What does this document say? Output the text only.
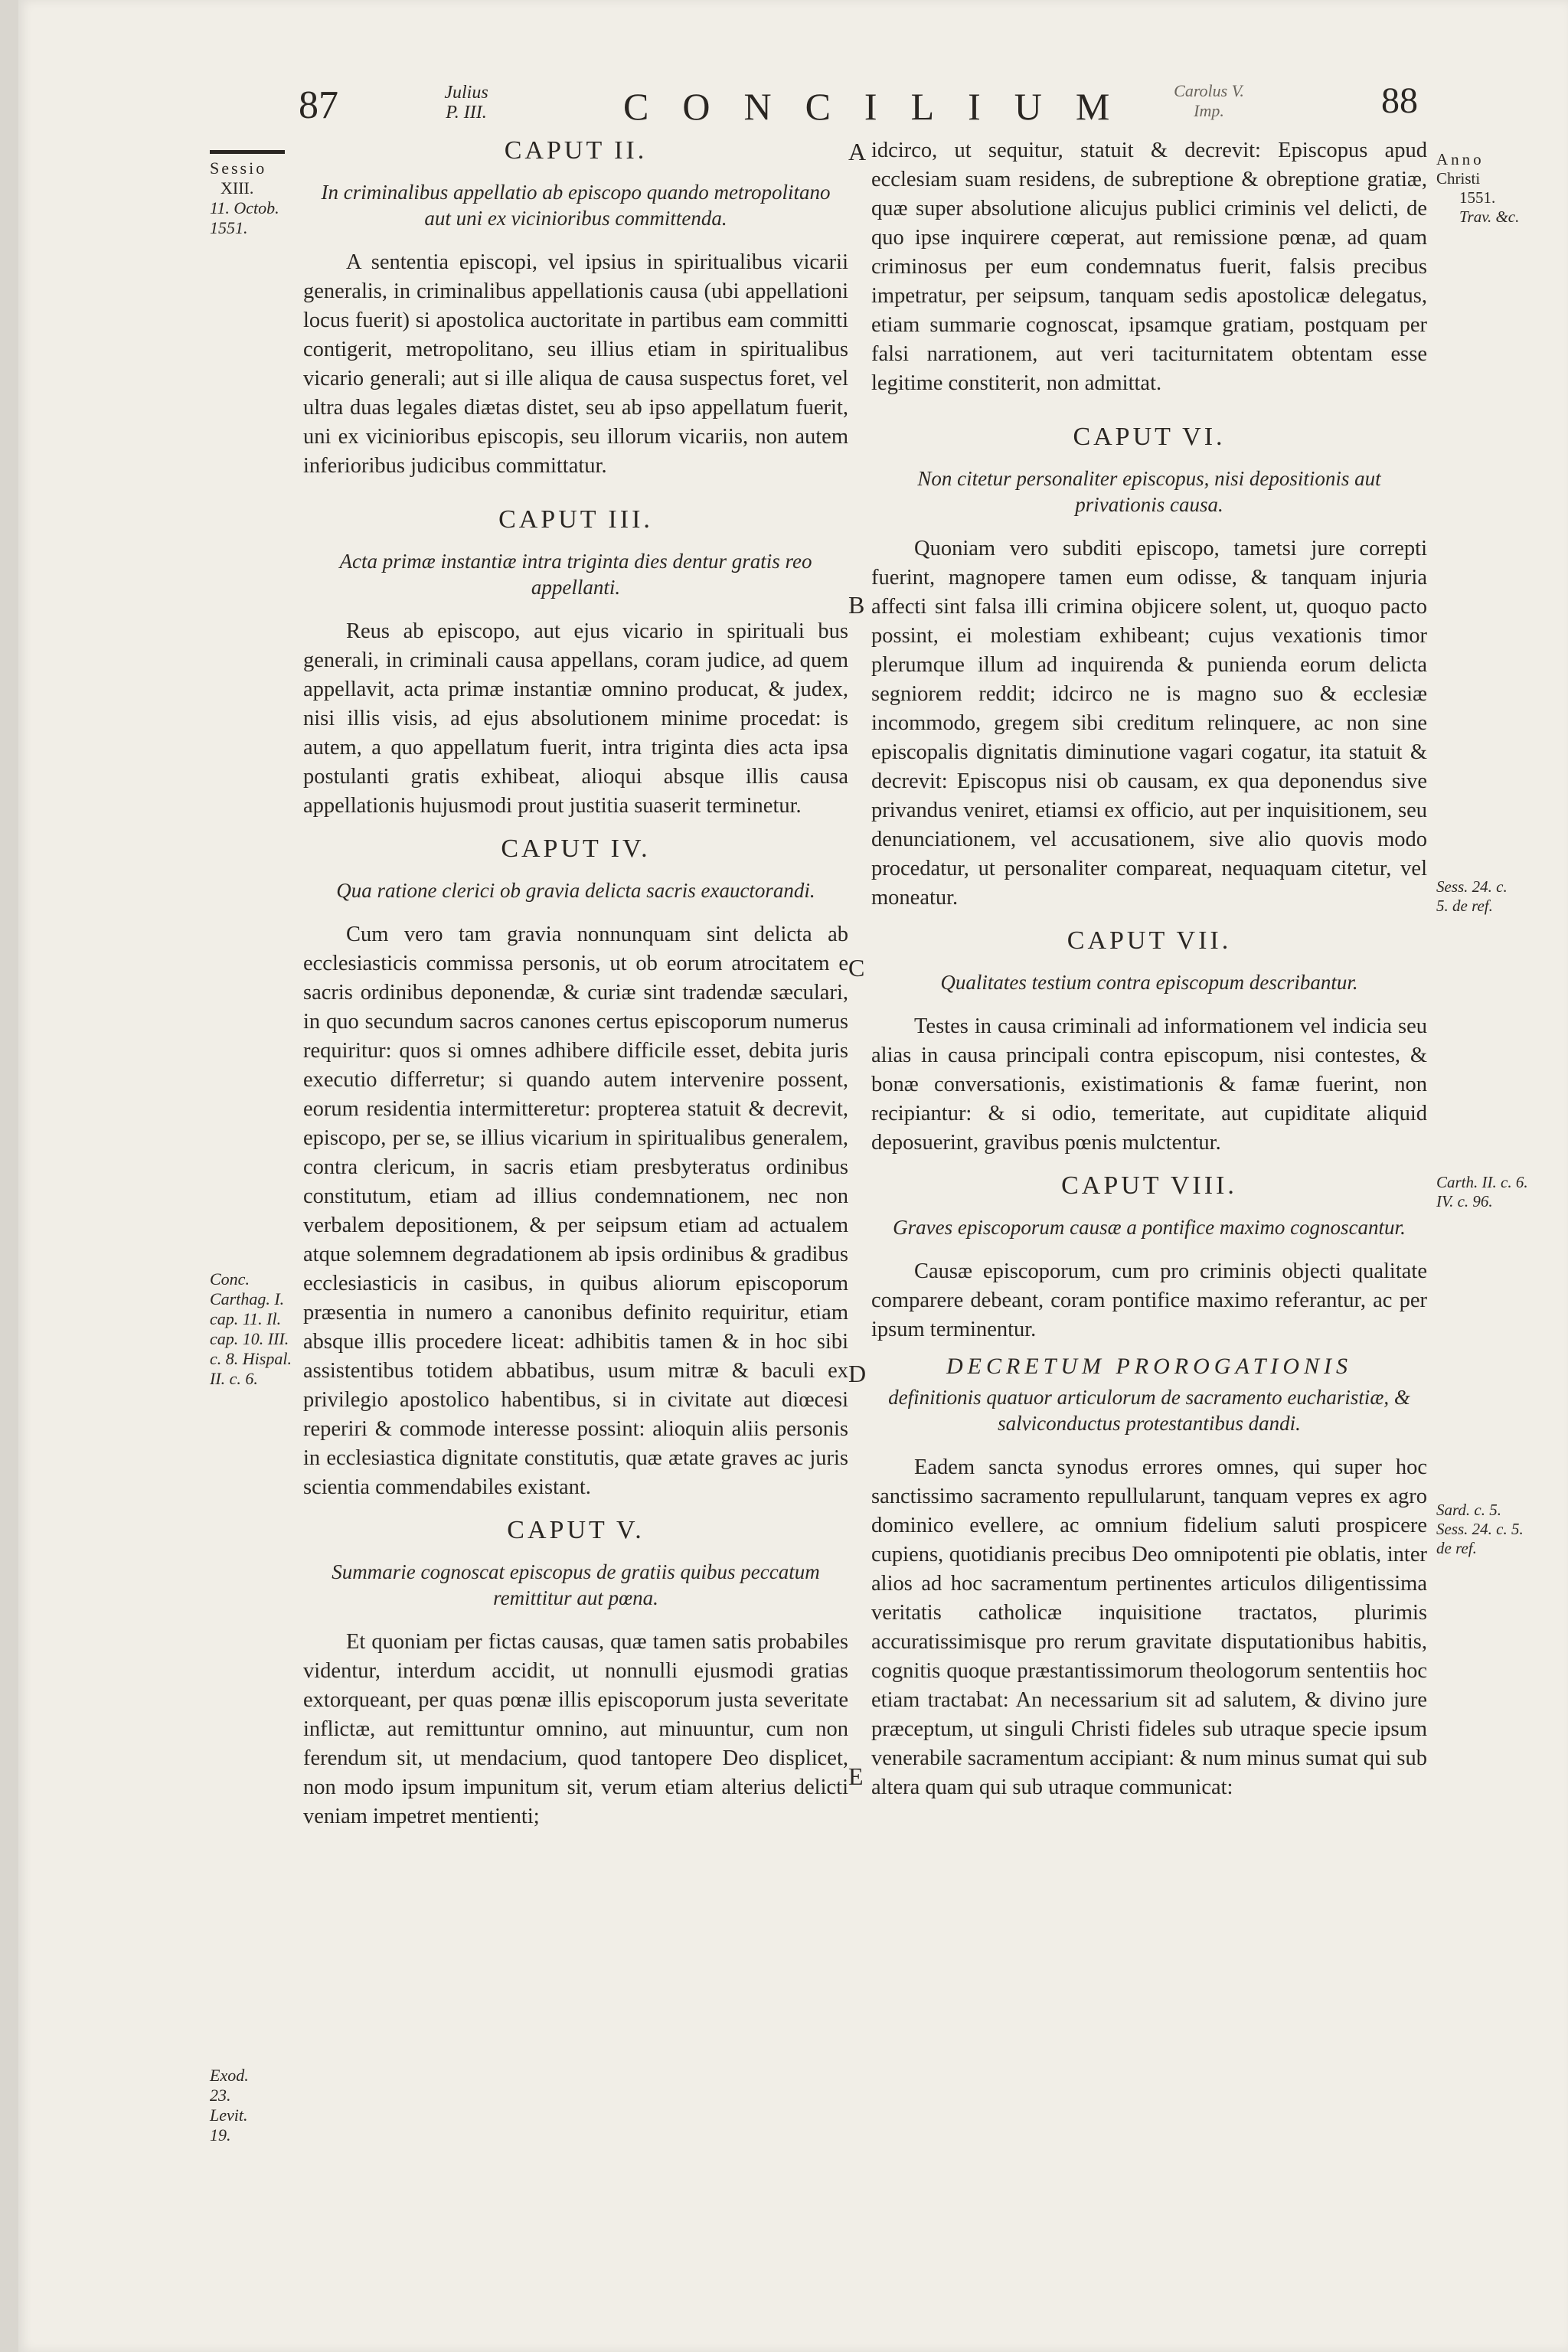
87	Julius
P. III.	CONCILIUM	Carolus V.
Imp.	88
Sessio
XIII.
11. Octob.
1551.
Conc. Carthag. I. cap. 11. Il. cap. 10. III. c. 8. Hispal. II. c. 6.
Exod. 23. Levit. 19.
Anno
Christi
1551.
Trav. &c.
Sess. 24. c. 5. de ref.
Carth. II. c. 6. IV. c. 96.
Sard. c. 5. Sess. 24. c. 5. de ref.
A
B
C
D
E
CAPUT II.
In criminalibus appellatio ab episcopo quando metropolitano aut uni ex vicinioribus committenda.

A sententia episcopi, vel ipsius in spiritualibus vicarii generalis, in criminalibus appellationis causa (ubi appellationi locus fuerit) si apostolica auctoritate in partibus eam committi contigerit, metropolitano, seu illius etiam in spiritualibus vicario generali; aut si ille aliqua de causa suspectus foret, vel ultra duas legales diætas distet, seu ab ipso appellatum fuerit, uni ex vicinioribus episcopis, seu illorum vicariis, non autem inferioribus judicibus committatur.

CAPUT III.
Acta primæ instantiæ intra triginta dies dentur gratis reo appellanti.

Reus ab episcopo, aut ejus vicario in spirituali bus generali, in criminali causa appellans, coram judice, ad quem appellavit, acta primæ instantiæ omnino producat, & judex, nisi illis visis, ad ejus absolutionem minime procedat: is autem, a quo appellatum fuerit, intra triginta dies acta ipsa postulanti gratis exhibeat, alioqui absque illis causa appellationis hujusmodi prout justitia suaserit terminetur.

CAPUT IV.
Qua ratione clerici ob gravia delicta sacris exauctorandi.

Cum vero tam gravia nonnunquam sint delicta ab ecclesiasticis commissa personis, ut ob eorum atrocitatem e sacris ordinibus deponendæ, & curiæ sint tradendæ sæculari, in quo secundum sacros canones certus episcoporum numerus requiritur: quos si omnes adhibere difficile esset, debita juris executio differretur; si quando autem intervenire possent, eorum residentia intermitteretur: propterea statuit & decrevit, episcopo, per se, se illius vicarium in spiritualibus generalem, contra clericum, in sacris etiam presbyteratus ordinibus constitutum, etiam ad illius condemnationem, nec non verbalem depositionem, & per seipsum etiam ad actualem atque solemnem degradationem ab ipsis ordinibus & gradibus ecclesiasticis in casibus, in quibus aliorum episcoporum præsentia in numero a canonibus definito requiritur, etiam absque illis procedere liceat: adhibitis tamen & in hoc sibi assistentibus totidem abbatibus, usum mitræ & baculi ex privilegio apostolico habentibus, si in civitate aut diœcesi reperiri & commode interesse possint: alioquin aliis personis in ecclesiastica dignitate constitutis, quæ ætate graves ac juris scientia commendabiles existant.

CAPUT V.
Summarie cognoscat episcopus de gratiis quibus peccatum remittitur aut pœna.

Et quoniam per fictas causas, quæ tamen satis probabiles videntur, interdum accidit, ut nonnulli ejusmodi gratias extorqueant, per quas pœnæ illis episcoporum justa severitate inflictæ, aut remittuntur omnino, aut minuuntur, cum non ferendum sit, ut mendacium, quod tantopere Deo displicet, non modo ipsum impunitum sit, verum etiam alterius delicti veniam impetret mentienti;

idcirco, ut sequitur, statuit & decrevit: Episcopus apud ecclesiam suam residens, de subreptione & obreptione gratiæ, quæ super absolutione alicujus publici criminis vel delicti, de quo ipse inquirere cœperat, aut remissione pœnæ, ad quam criminosus per eum condemnatus fuerit, falsis precibus impetratur, per seipsum, tanquam sedis apostolicæ delegatus, etiam summarie cognoscat, ipsamque gratiam, postquam per falsi narrationem, aut veri taciturnitatem obtentam esse legitime constiterit, non admittat.

CAPUT VI.
Non citetur personaliter episcopus, nisi depositionis aut privationis causa.

Quoniam vero subditi episcopo, tametsi jure correpti fuerint, magnopere tamen eum odisse, & tanquam injuria affecti sint falsa illi crimina objicere solent, ut, quoquo pacto possint, ei molestiam exhibeant; cujus vexationis timor plerumque illum ad inquirenda & punienda eorum delicta segniorem reddit; idcirco ne is magno suo & ecclesiæ incommodo, gregem sibi creditum relinquere, ac non sine episcopalis dignitatis diminutione vagari cogatur, ita statuit & decrevit: Episcopus nisi ob causam, ex qua deponendus sive privandus veniret, etiamsi ex officio, aut per inquisitionem, seu denunciationem, vel accusationem, sive alio quovis modo procedatur, ut personaliter compareat, nequaquam citetur, vel moneatur.

CAPUT VII.
Qualitates testium contra episcopum describantur.

Testes in causa criminali ad informationem vel indicia seu alias in causa principali contra episcopum, nisi contestes, & bonæ conversationis, existimationis & famæ fuerint, non recipiantur: & si odio, temeritate, aut cupiditate aliquid deposuerint, gravibus pœnis mulctentur.

CAPUT VIII.
Graves episcoporum causæ a pontifice maximo cognoscantur.

Causæ episcoporum, cum pro criminis objecti qualitate comparere debeant, coram pontifice maximo referantur, ac per ipsum terminentur.

DECRETUM PROROGATIONIS
definitionis quatuor articulorum de sacramento eucharistiæ, & salviconductus protestantibus dandi.

Eadem sancta synodus errores omnes, qui super hoc sanctissimo sacramento repullularunt, tanquam vepres ex agro dominico evellere, ac omnium fidelium saluti prospicere cupiens, quotidianis precibus Deo omnipotenti pie oblatis, inter alios ad hoc sacramentum pertinentes articulos diligentissima veritatis catholicæ inquisitione tractatos, plurimis accuratissimisque pro rerum gravitate disputationibus habitis, cognitis quoque præstantissimorum theologorum sententiis hoc etiam tractabat: An necessarium sit ad salutem, & divino jure præceptum, ut singuli Christi fideles sub utraque specie ipsum venerabile sacramentum accipiant: & num minus sumat qui sub altera quam qui sub utraque communicat:
